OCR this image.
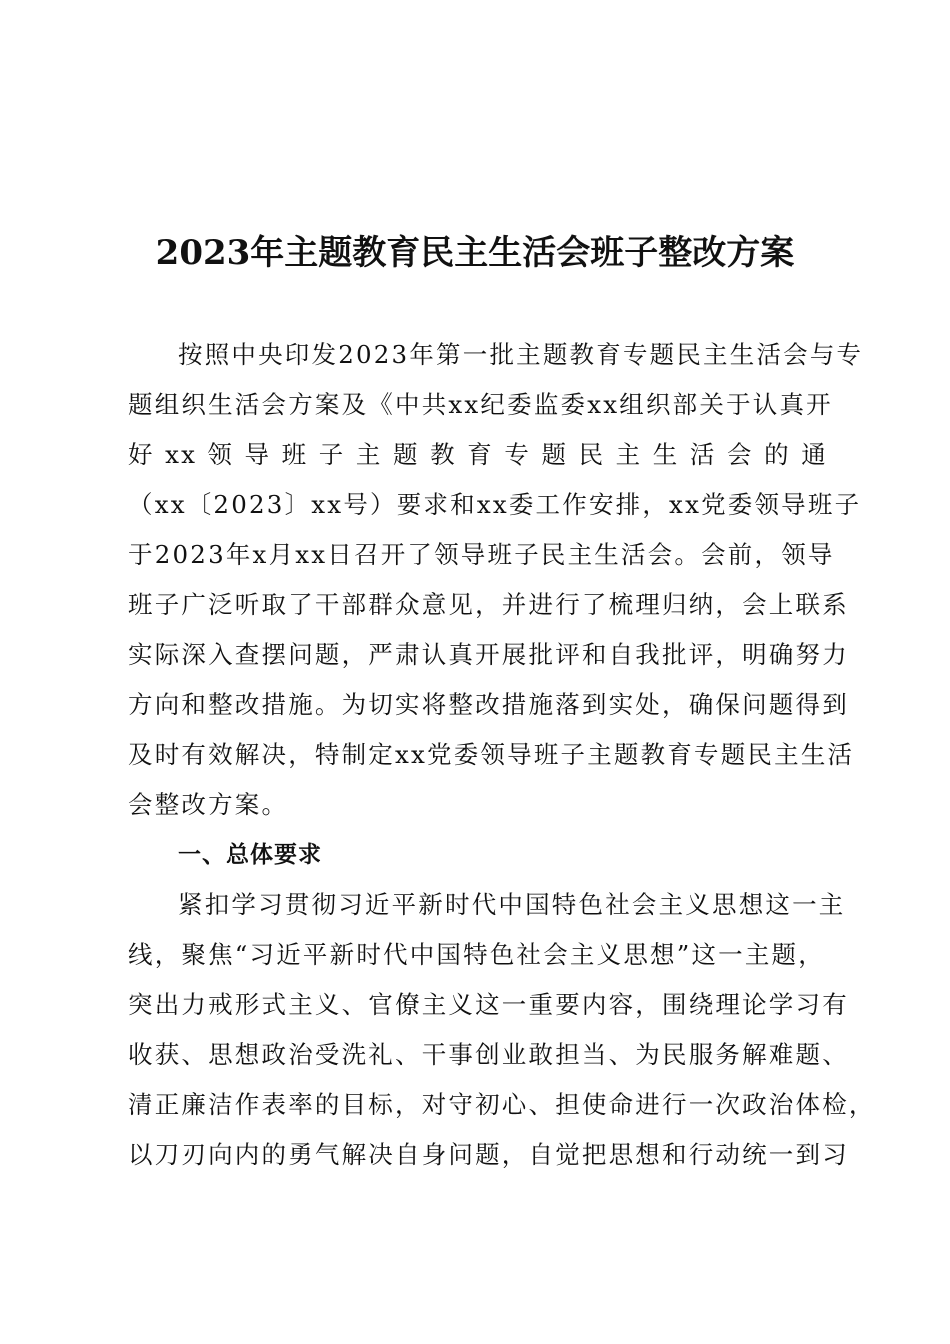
2023年主题教育民主生活会班子整改方案
按照中央印发2023年第一批主题教育专题民主生活会与专
题组织生活会方案及《中共xx纪委监委xx组织部关于认真开
好 xx 领 导 班 子 主 题 教 育 专 题 民 主 生 活 会 的 通
（xx〔2023〕xx号）要求和xx委工作安排，xx党委领导班子
于2023年x月xx日召开了领导班子民主生活会。会前，领导
班子广泛听取了干部群众意见，并进行了梳理归纳，会上联系
实际深入查摆问题，严肃认真开展批评和自我批评，明确努力
方向和整改措施。为切实将整改措施落到实处，确保问题得到
及时有效解决，特制定xx党委领导班子主题教育专题民主生活
会整改方案。
一、总体要求
紧扣学习贯彻习近平新时代中国特色社会主义思想这一主
线，聚焦“习近平新时代中国特色社会主义思想”这一主题，
突出力戒形式主义、官僚主义这一重要内容，围绕理论学习有
收获、思想政治受洗礼、干事创业敢担当、为民服务解难题、
清正廉洁作表率的目标，对守初心、担使命进行一次政治体检，
以刀刃向内的勇气解决自身问题，自觉把思想和行动统一到习
